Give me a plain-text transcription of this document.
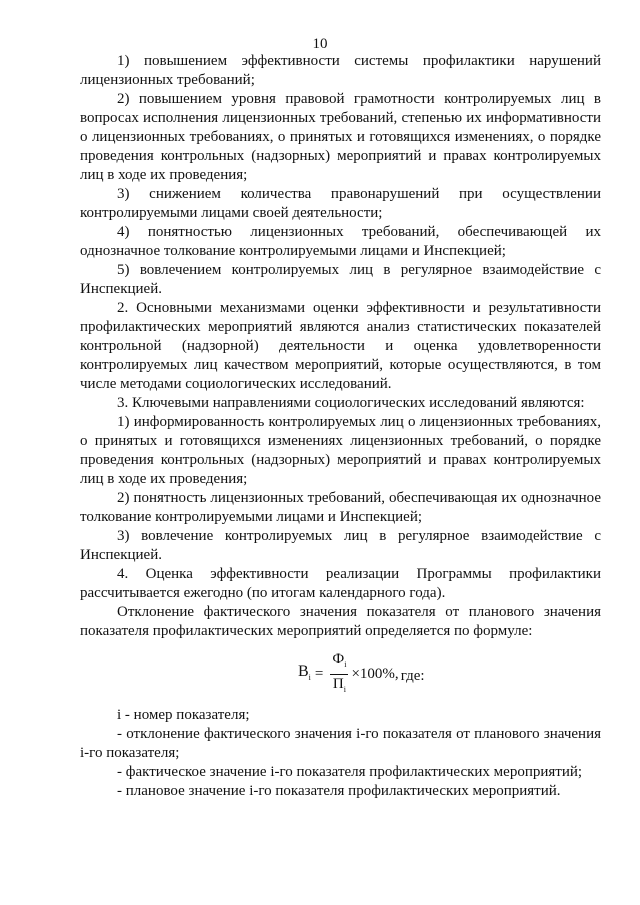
10

1) повышением эффективности системы профилактики нарушений лицензионных требований;

2) повышением уровня правовой грамотности контролируемых лиц в вопросах исполнения лицензионных требований, степенью их информативности о лицензионных требованиях, о принятых и готовящихся изменениях, о порядке проведения контрольных (надзорных) мероприятий и правах контролируемых лиц в ходе их проведения;

3) снижением количества правонарушений при осуществлении контролируемыми лицами своей деятельности;

4) понятностью лицензионных требований, обеспечивающей их однозначное толкование контролируемыми лицами и Инспекцией;

5) вовлечением контролируемых лиц в регулярное взаимодействие с Инспекцией.

2. Основными механизмами оценки эффективности и результативности профилактических мероприятий являются анализ статистических показателей контрольной (надзорной) деятельности и оценка удовлетворенности контролируемых лиц качеством мероприятий, которые осуществляются, в том числе методами социологических исследований.

3. Ключевыми направлениями социологических исследований являются:

1) информированность контролируемых лиц о лицензионных требованиях, о принятых и готовящихся изменениях лицензионных требований, о порядке проведения контрольных (надзорных) мероприятий и правах контролируемых лиц в ходе их проведения;

2) понятность лицензионных требований, обеспечивающая их однозначное толкование контролируемыми лицами и Инспекцией;

3) вовлечение контролируемых лиц в регулярное взаимодействие с Инспекцией.

4. Оценка эффективности реализации Программы профилактики рассчитывается ежегодно (по итогам календарного года).

Отклонение фактического значения показателя от планового значения показателя профилактических мероприятий определяется по формуле:

$В_i = \frac{Ф_i}{П_i} \times 100\%$, где:

i - номер показателя;

- отклонение фактического значения i-го показателя от планового значения i-го показателя;

- фактическое значение i-го показателя профилактических мероприятий;

- плановое значение i-го показателя профилактических мероприятий.
